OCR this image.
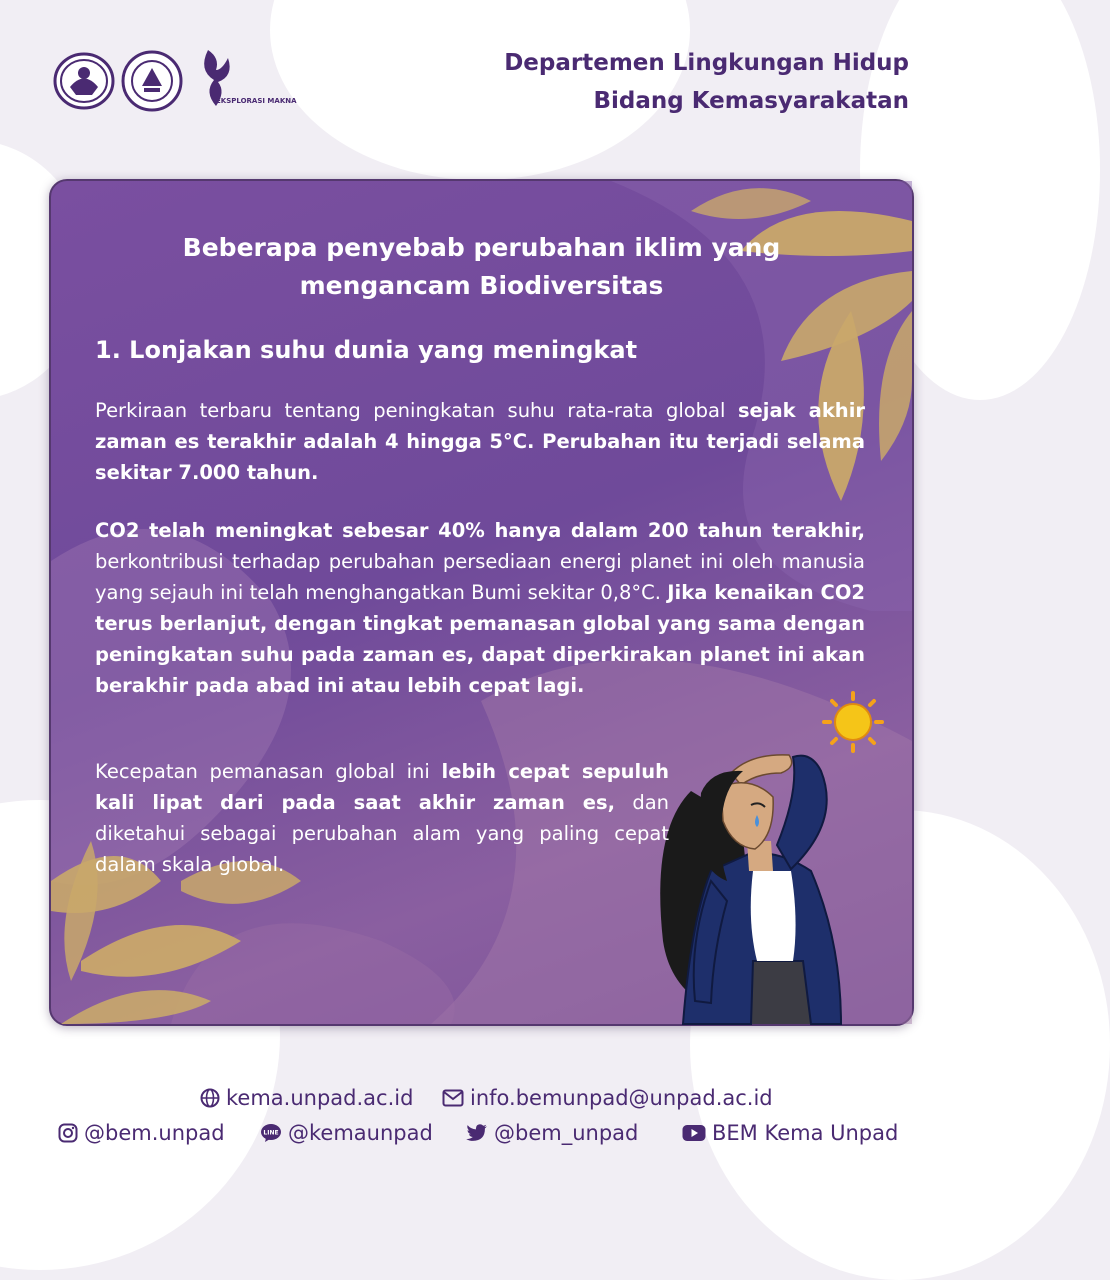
EKSPLORASI MAKNA
Departemen Lingkungan Hidup
Bidang Kemasyarakatan
Beberapa penyebab perubahan iklim yang
mengancam Biodiversitas
1. Lonjakan suhu dunia yang meningkat
Perkiraan terbaru tentang peningkatan suhu rata-rata global sejak akhir zaman es terakhir adalah 4 hingga 5°C. Perubahan itu terjadi selama sekitar 7.000 tahun.
CO2 telah meningkat sebesar 40% hanya dalam 200 tahun terakhir, berkontribusi terhadap perubahan persediaan energi planet ini oleh manusia yang sejauh ini telah menghangatkan Bumi sekitar 0,8°C. Jika kenaikan CO2 terus berlanjut, dengan tingkat pemanasan global yang sama dengan peningkatan suhu pada zaman es, dapat diperkirakan planet ini akan berakhir pada abad ini atau lebih cepat lagi.
Kecepatan pemanasan global ini lebih cepat sepuluh kali lipat dari pada saat akhir zaman es, dan diketahui sebagai perubahan alam yang paling cepat dalam skala global.
kema.unpad.ac.id	info.bemunpad@unpad.ac.id
@bem.unpad	LINE @kemaunpad	@bem_unpad	BEM Kema Unpad
